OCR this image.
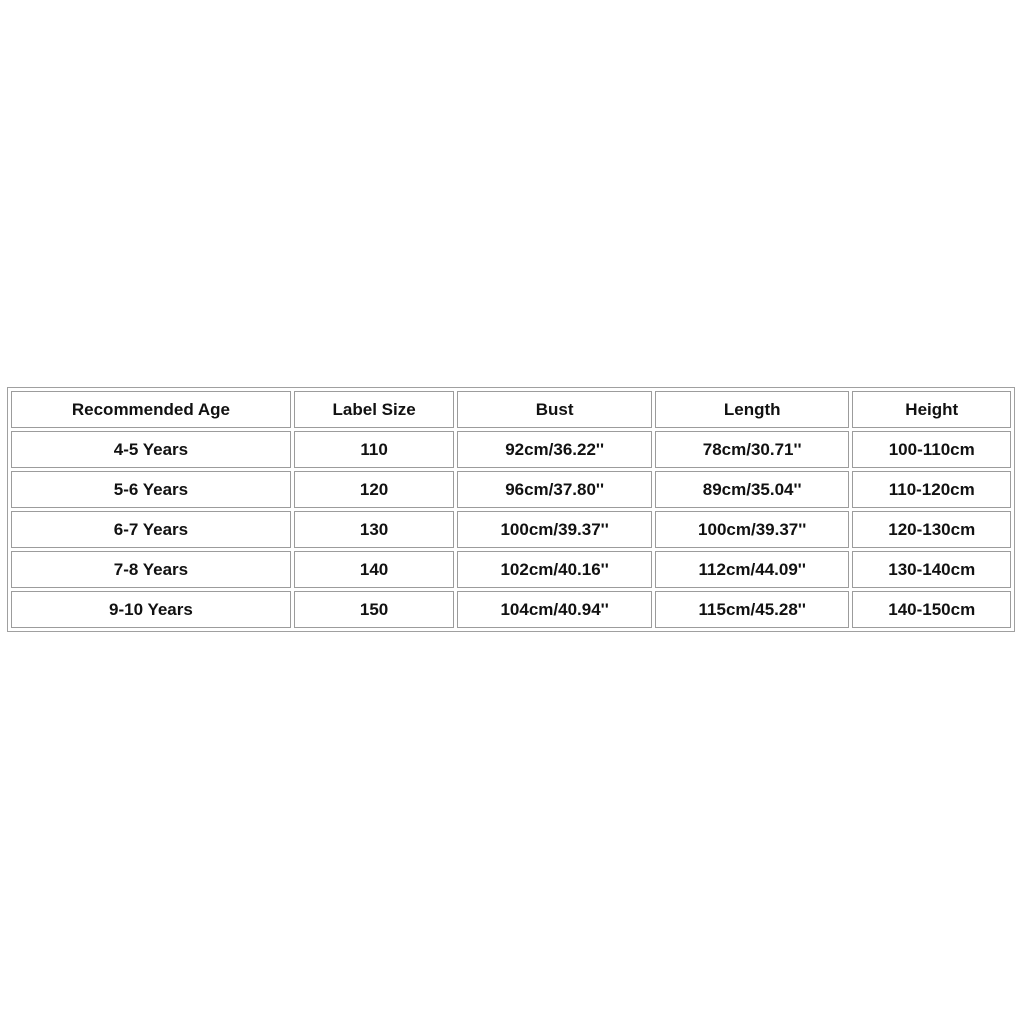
Recommended Age	Label Size	Bust	Length	Height
4-5 Years	110	92cm/36.22''	78cm/30.71''	100-110cm
5-6 Years	120	96cm/37.80''	89cm/35.04''	110-120cm
6-7 Years	130	100cm/39.37''	100cm/39.37''	120-130cm
7-8 Years	140	102cm/40.16''	112cm/44.09''	130-140cm
9-10 Years	150	104cm/40.94''	115cm/45.28''	140-150cm
